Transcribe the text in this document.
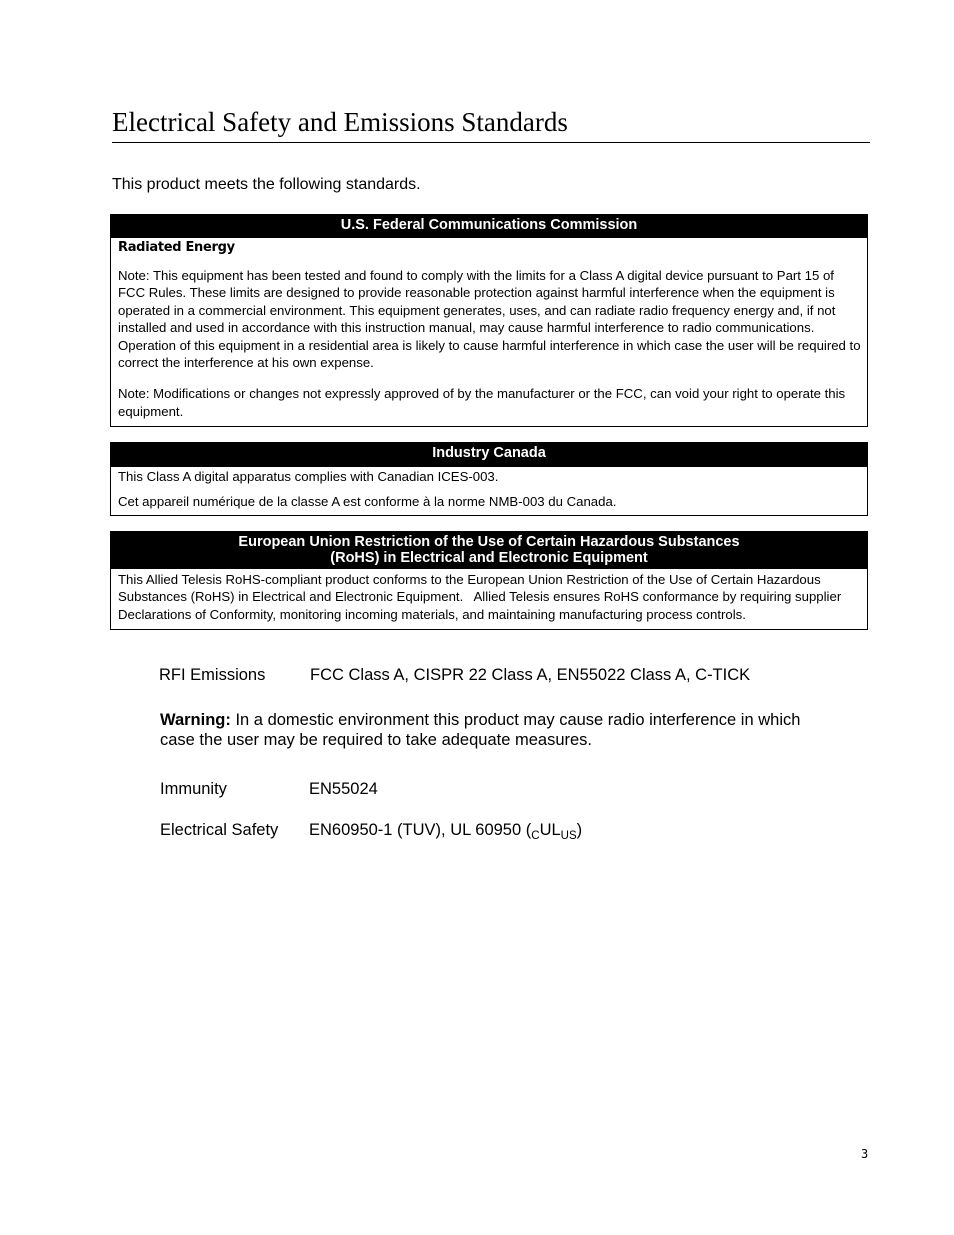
Electrical Safety and Emissions Standards

This product meets the following standards.

U.S. Federal Communications Commission

Radiated Energy

Note: This equipment has been tested and found to comply with the limits for a Class A digital device pursuant to Part 15 of FCC Rules. These limits are designed to provide reasonable protection against harmful interference when the equipment is operated in a commercial environment. This equipment generates, uses, and can radiate radio frequency energy and, if not installed and used in accordance with this instruction manual, may cause harmful interference to radio communications. Operation of this equipment in a residential area is likely to cause harmful interference in which case the user will be required to correct the interference at his own expense.

Note: Modifications or changes not expressly approved of by the manufacturer or the FCC, can void your right to operate this equipment.

Industry Canada

This Class A digital apparatus complies with Canadian ICES-003.

Cet appareil numérique de la classe A est conforme à la norme NMB-003 du Canada.

European Union Restriction of the Use of Certain Hazardous Substances
(RoHS) in Electrical and Electronic Equipment

This Allied Telesis RoHS-compliant product conforms to the European Union Restriction of the Use of Certain Hazardous Substances (RoHS) in Electrical and Electronic Equipment.   Allied Telesis ensures RoHS conformance by requiring supplier Declarations of Conformity, monitoring incoming materials, and maintaining manufacturing process controls.

RFI Emissions	FCC Class A, CISPR 22 Class A, EN55022 Class A, C-TICK

Warning: In a domestic environment this product may cause radio interference in which case the user may be required to take adequate measures.

Immunity	EN55024

Electrical Safety EN60950-1 (TUV), UL 60950 $(_CUL_{US})$

3
